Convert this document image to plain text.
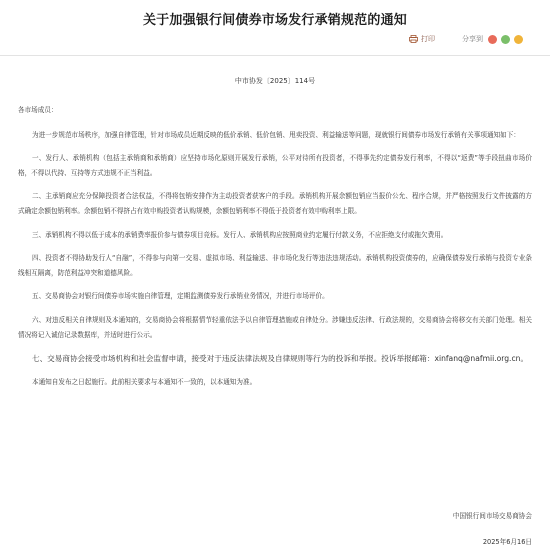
关于加强银行间债券市场发行承销规范的通知
打印	分享到
中市协发〔2025〕114号

各市场成员：

为进一步规范市场秩序，加强自律管理，针对市场成员近期反映的低价承销、低价包销、甩卖投资、利益输送等问题，现就银行间债券市场发行承销有关事项通知如下：

一、发行人、承销机构（包括主承销商和承销商）应坚持市场化原则开展发行承销，公平对待所有投资者，不得事先约定债券发行利率，不得以“返费”等手段扭曲市场价格，不得以代持、互持等方式违规不正当利益。

二、主承销商应充分保障投资者合法权益，不得将包销安排作为主动投资者获客户的手段。承销机构开展余额包销应当报价公允、程序合规，并严格按照发行文件披露的方式确定余额包销利率。余额包销不得挤占有效申购投资者认购规模，余额包销利率不得低于投资者有效申购利率上限。

三、承销机构不得以低于成本的承销费率报价参与债券项目竞标。发行人、承销机构应按照商业约定履行付款义务，不应拒绝支付或拖欠费用。

四、投资者不得协助发行人“自融”，不得参与向第一交易、虚拟市场、利益输送、非市场化发行等违法违规活动。承销机构投资债券的，应确保债券发行承销与投资专业条线相互隔离，防范利益冲突和道德风险。

五、交易商协会对银行间债券市场实施自律管理，定期监测债券发行承销业务情况，并进行市场评价。

六、对违反相关自律规则及本通知的，交易商协会将根据情节轻重依法予以自律管理措施或自律处分。涉嫌违反法律、行政法规的，交易商协会将移交有关部门处理。相关情况将记入诚信记录数据库，并适时进行公示。

七、交易商协会接受市场机构和社会监督申请，接受对于违反法律法规及自律规则等行为的投诉和举报。投诉举报邮箱：xinfanq@nafmii.org.cn。

本通知自发布之日起施行。此前相关要求与本通知不一致的，以本通知为准。

中国银行间市场交易商协会
2025年6月16日
